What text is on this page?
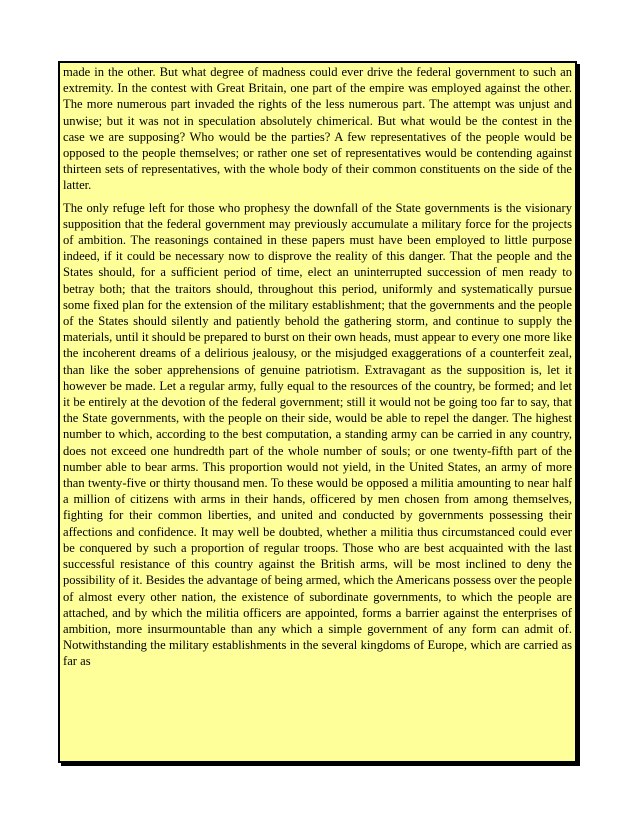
made in the other. But what degree of madness could ever drive the federal government to such an extremity. In the contest with Great Britain, one part of the empire was employed against the other. The more numerous part invaded the rights of the less numerous part. The attempt was unjust and unwise; but it was not in speculation absolutely chimerical. But what would be the contest in the case we are supposing? Who would be the parties? A few representatives of the people would be opposed to the people themselves; or rather one set of representatives would be contending against thirteen sets of representatives, with the whole body of their common constituents on the side of the latter.

The only refuge left for those who prophesy the downfall of the State governments is the visionary supposition that the federal government may previously accumulate a military force for the projects of ambition. The reasonings contained in these papers must have been employed to little purpose indeed, if it could be necessary now to disprove the reality of this danger. That the people and the States should, for a sufficient period of time, elect an uninterrupted succession of men ready to betray both; that the traitors should, throughout this period, uniformly and systematically pursue some fixed plan for the extension of the military establishment; that the governments and the people of the States should silently and patiently behold the gathering storm, and continue to supply the materials, until it should be prepared to burst on their own heads, must appear to every one more like the incoherent dreams of a delirious jealousy, or the misjudged exaggerations of a counterfeit zeal, than like the sober apprehensions of genuine patriotism. Extravagant as the supposition is, let it however be made. Let a regular army, fully equal to the resources of the country, be formed; and let it be entirely at the devotion of the federal government; still it would not be going too far to say, that the State governments, with the people on their side, would be able to repel the danger. The highest number to which, according to the best computation, a standing army can be carried in any country, does not exceed one hundredth part of the whole number of souls; or one twenty-fifth part of the number able to bear arms. This proportion would not yield, in the United States, an army of more than twenty-five or thirty thousand men. To these would be opposed a militia amounting to near half a million of citizens with arms in their hands, officered by men chosen from among themselves, fighting for their common liberties, and united and conducted by governments possessing their affections and confidence. It may well be doubted, whether a militia thus circumstanced could ever be conquered by such a proportion of regular troops. Those who are best acquainted with the last successful resistance of this country against the British arms, will be most inclined to deny the possibility of it. Besides the advantage of being armed, which the Americans possess over the people of almost every other nation, the existence of subordinate governments, to which the people are attached, and by which the militia officers are appointed, forms a barrier against the enterprises of ambition, more insurmountable than any which a simple government of any form can admit of. Notwithstanding the military establishments in the several kingdoms of Europe, which are carried as far as
